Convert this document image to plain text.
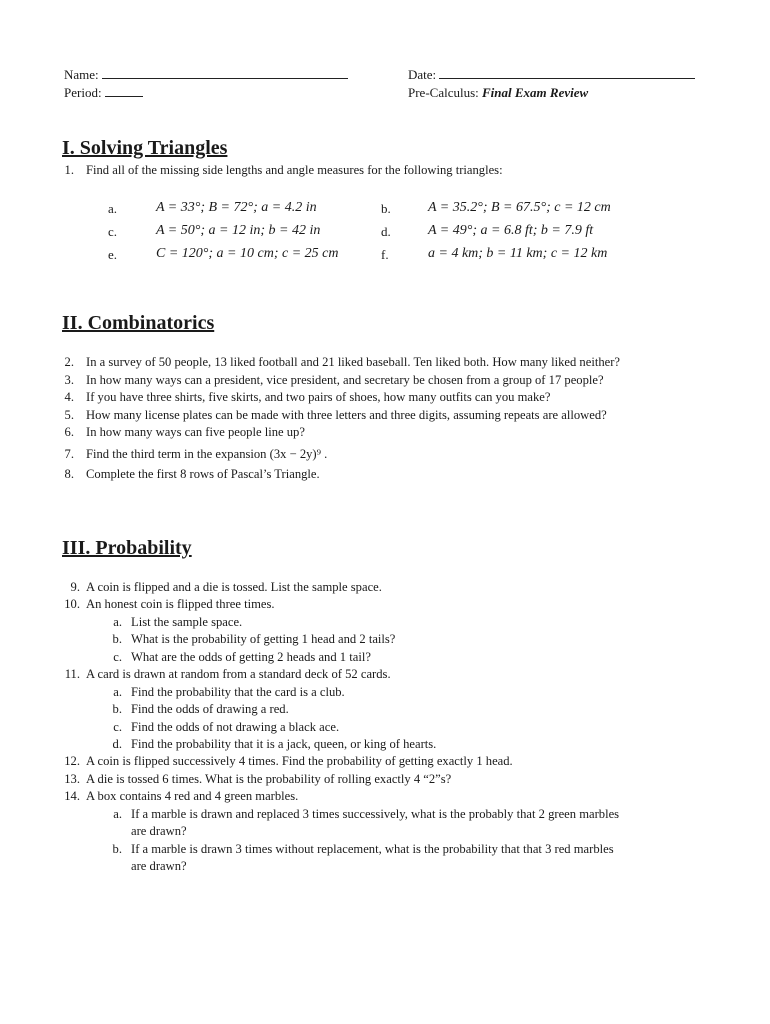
Name:
Period:
Date:
Pre-Calculus: Final Exam Review
I. Solving Triangles
1. Find all of the missing side lengths and angle measures for the following triangles:
a.	A = 33°; B = 72°; a = 4.2 in	b.	A = 35.2°; B = 67.5°; c = 12 cm
c.	A = 50°; a = 12 in; b = 42 in	d.	A = 49°; a = 6.8 ft; b = 7.9 ft
e.	C = 120°; a = 10 cm; c = 25 cm	f.	a = 4 km; b = 11 km; c = 12 km
II. Combinatorics
2. In a survey of 50 people, 13 liked football and 21 liked baseball. Ten liked both. How many liked neither?
3. In how many ways can a president, vice president, and secretary be chosen from a group of 17 people?
4. If you have three shirts, five skirts, and two pairs of shoes, how many outfits can you make?
5. How many license plates can be made with three letters and three digits, assuming repeats are allowed?
6. In how many ways can five people line up?
7. Find the third term in the expansion (3x − 2y)⁹ .
8. Complete the first 8 rows of Pascal’s Triangle.
III. Probability
9. A coin is flipped and a die is tossed. List the sample space.
10. An honest coin is flipped three times.
a. List the sample space.
b. What is the probability of getting 1 head and 2 tails?
c. What are the odds of getting 2 heads and 1 tail?
11. A card is drawn at random from a standard deck of 52 cards.
a. Find the probability that the card is a club.
b. Find the odds of drawing a red.
c. Find the odds of not drawing a black ace.
d. Find the probability that it is a jack, queen, or king of hearts.
12. A coin is flipped successively 4 times. Find the probability of getting exactly 1 head.
13. A die is tossed 6 times. What is the probability of rolling exactly 4 “2”s?
14. A box contains 4 red and 4 green marbles.
a. If a marble is drawn and replaced 3 times successively, what is the probably that 2 green marbles
are drawn?
b. If a marble is drawn 3 times without replacement, what is the probability that that 3 red marbles
are drawn?
